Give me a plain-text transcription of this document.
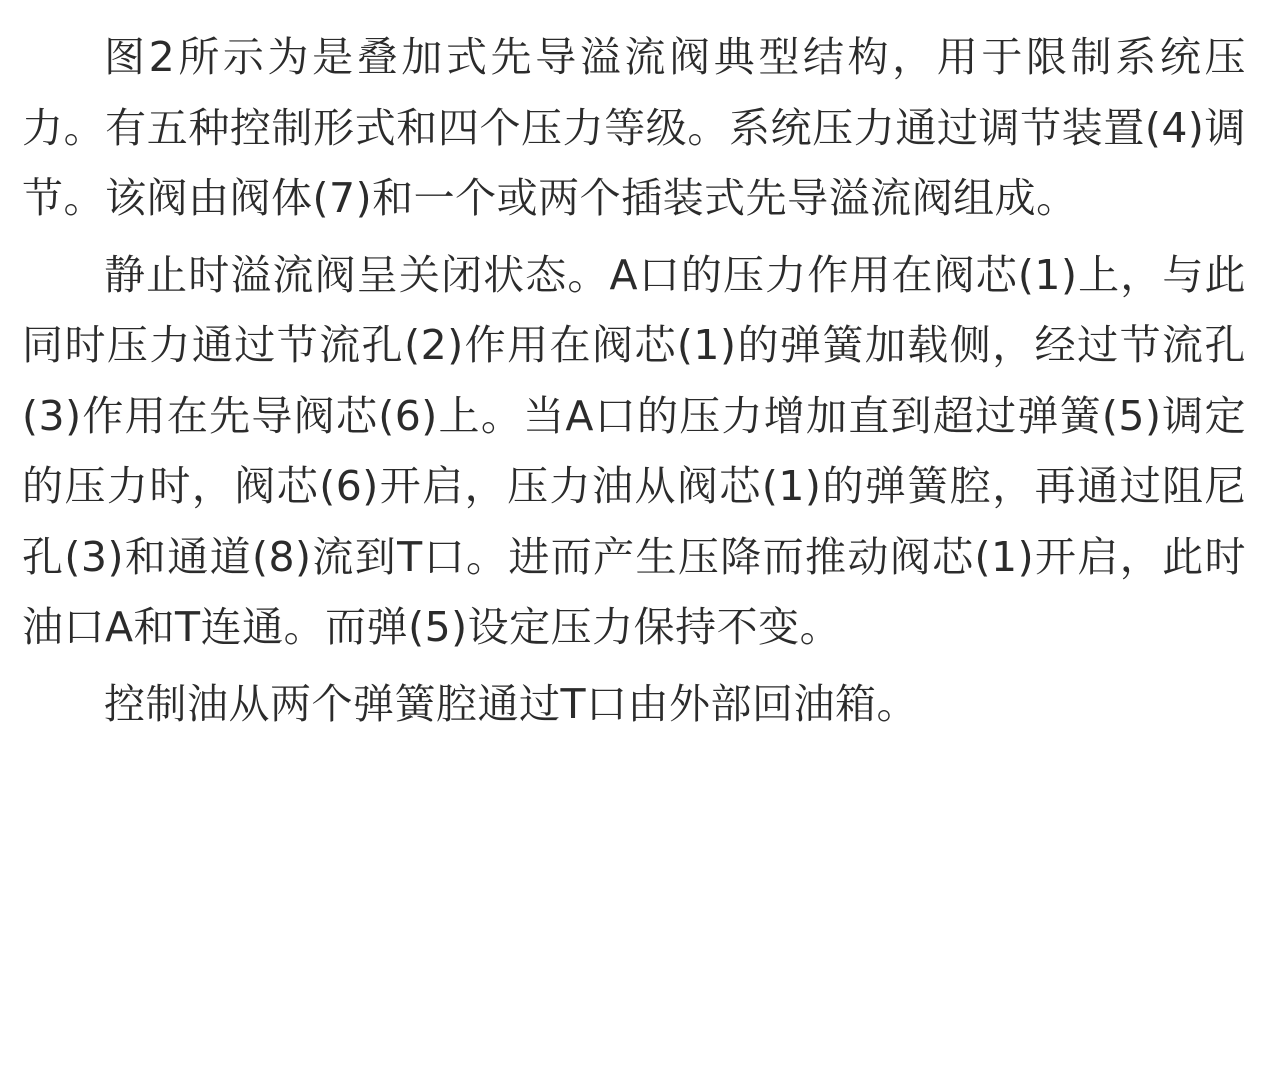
图2所示为是叠加式先导溢流阀典型结构，用于限制系统压力。有五种控制形式和四个压力等级。系统压力通过调节装置(4)调节。该阀由阀体(7)和一个或两个插装式先导溢流阀组成。

静止时溢流阀呈关闭状态。A口的压力作用在阀芯(1)上，与此同时压力通过节流孔(2)作用在阀芯(1)的弹簧加载侧，经过节流孔(3)作用在先导阀芯(6)上。当A口的压力增加直到超过弹簧(5)调定的压力时，阀芯(6)开启，压力油从阀芯(1)的弹簧腔，再通过阻尼孔(3)和通道(8)流到T口。进而产生压降而推动阀芯(1)开启，此时油口A和T连通。而弹(5)设定压力保持不变。

控制油从两个弹簧腔通过T口由外部回油箱。
